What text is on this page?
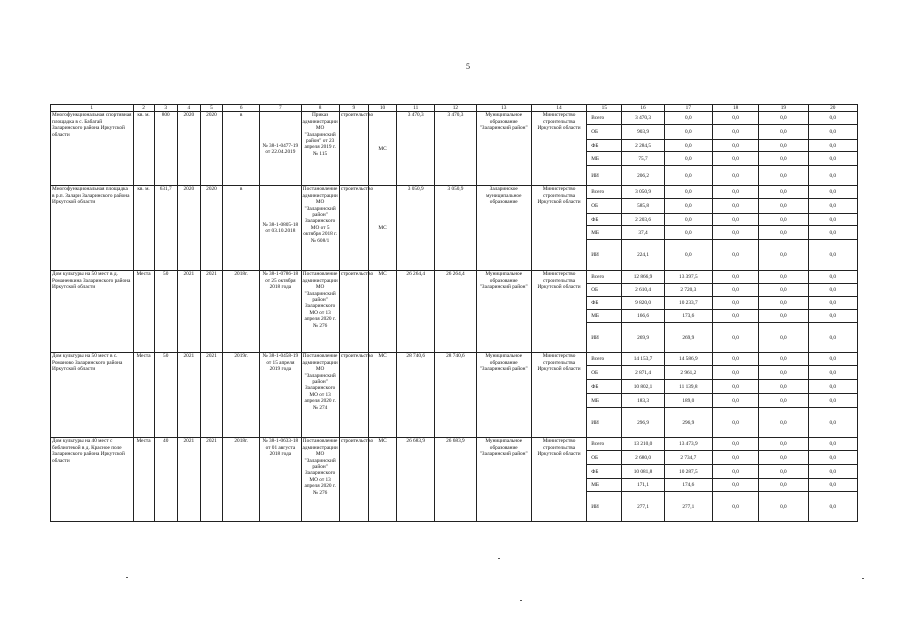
5
1	2	3	4	5	6	7	8	9	10	11	12	13	14	15	16	17	18	19	20
Многофункциональная спортивная площадка в с. Бабагай Заларинского района Иркутской области	кв. м.	800	2020	2020	в	№ 38-1-0477-19 от 22.04.2019	Приказ администрации МО "Заларинский район" от 23 апреля 2019 г. № 115	строительство	МС	3 470,3	3 470,3	Муниципальное образование "Заларинский район"	Министерство строительства Иркутской области	Всего	3 470,3	0,0	0,0	0,0	0,0
														ОБ	903,9	0,0	0,0	0,0	0,0
														ФБ	2 284,5	0,0	0,0	0,0	0,0
														МБ	75,7	0,0	0,0	0,0	0,0
														ИИ	206,2	0,0	0,0	0,0	0,0
Многофункциональная площадка в р.п. Залари Заларинского района Иркутской области	кв. м.	631,7	2020	2020	в	№ 38-1-0805-18 от 03.10.2018	Постановление администрации МО "Заларинский район" Заларинского МО от 5 октября 2018 г. № 608/1	строительство	МС	3 050,9	3 050,9	Заларинское муниципальное образование	Министерство строительства Иркутской области	Всего	3 050,9	0,0	0,0	0,0	0,0
														ОБ	585,8	0,0	0,0	0,0	0,0
														ФБ	2 203,6	0,0	0,0	0,0	0,0
														МБ	37,4	0,0	0,0	0,0	0,0
														ИИ	224,1	0,0	0,0	0,0	0,0
Дом культуры на 50 мест в д. Романенкина Заларинского района Иркутской области	Места	50	2021	2021	2018г.	№ 38-1-0786-18 от 25 октября 2018 года	Постановление администрации МО "Заларинский район" Заларинского МО от 13 апреля 2020 г. № 276	строительство	МС	26 264,4	26 264,4	Муниципальное образование "Заларинский район"	Министерство строительства Иркутской области	Всего	12 866,9	13 397,5	0,0	0,0	0,0
														ОБ	2 610,4	2 720,3	0,0	0,0	0,0
														ФБ	9 820,0	10 233,7	0,0	0,0	0,0
														МБ	166,6	173,6	0,0	0,0	0,0
														ИИ	269,9	269,9	0,0	0,0	0,0
Дом культуры на 50 мест в с. Романово Заларинского района Иркутской области	Места	50	2021	2021	2019г.	№ 38-1-0458-19 от 15 апреля 2019 года	Постановление администрации МО "Заларинский район" Заларинского МО от 13 апреля 2020 г. № 274	строительство	МС	28 740,6	28 740,6	Муниципальное образование "Заларинский район"	Министерство строительства Иркутской области	Всего	14 153,7	14 586,9	0,0	0,0	0,0
														ОБ	2 871,4	2 961,2	0,0	0,0	0,0
														ФБ	10 802,1	11 139,8	0,0	0,0	0,0
														МБ	183,3	189,0	0,0	0,0	0,0
														ИИ	296,9	296,9	0,0	0,0	0,0
Дом культуры на 40 мест с библиотекой в д. Красное поле Заларинского района Иркутской области	Места	40	2021	2021	2018г.	№ 38-1-0633-18 от 01 августа 2018 года	Постановление администрации МО "Заларинский район" Заларинского МО от 13 апреля 2020 г. № 276	строительство	МС	26 683,9	26 683,9	Муниципальное образование "Заларинский район"	Министерство строительства Иркутской области	Всего	13 210,0	13 473,9	0,0	0,0	0,0
														ОБ	2 680,0	2 734,7	0,0	0,0	0,0
														ФБ	10 081,8	10 287,5	0,0	0,0	0,0
														МБ	171,1	174,6	0,0	0,0	0,0
														ИИ	277,1	277,1	0,0	0,0	0,0
